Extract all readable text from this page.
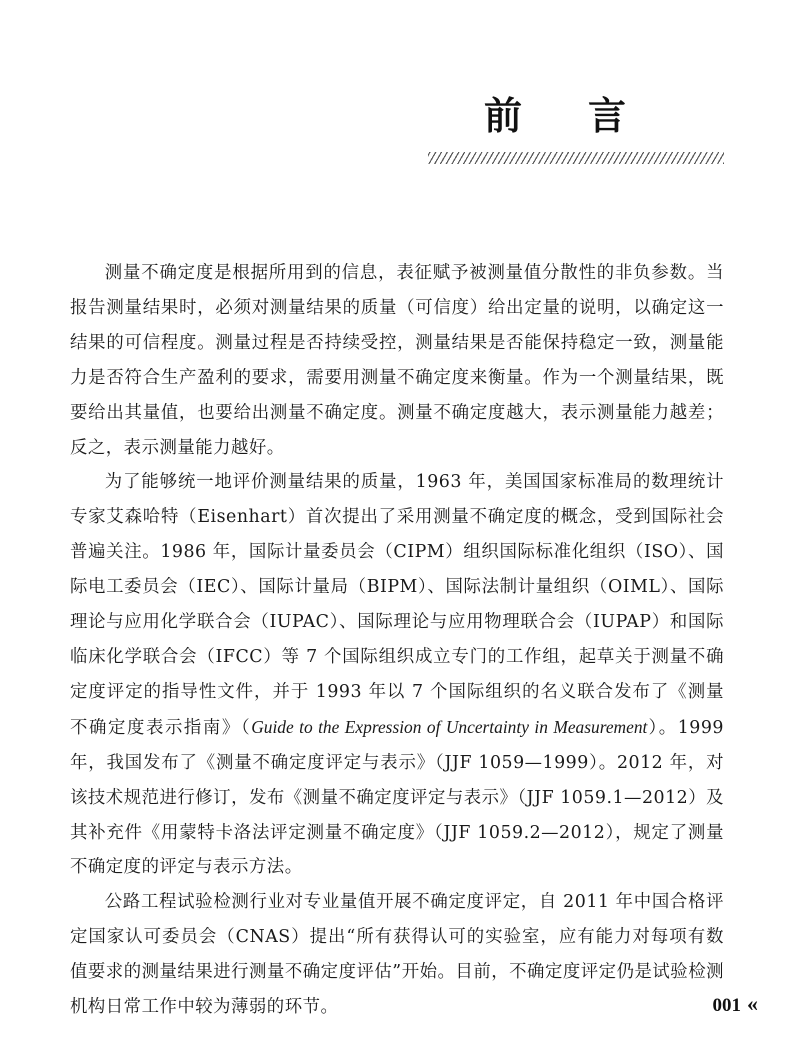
前 言

测量不确定度是根据所用到的信息，表征赋予被测量值分散性的非负参数。当报告测量结果时，必须对测量结果的质量（可信度）给出定量的说明，以确定这一结果的可信程度。测量过程是否持续受控，测量结果是否能保持稳定一致，测量能力是否符合生产盈利的要求，需要用测量不确定度来衡量。作为一个测量结果，既要给出其量值，也要给出测量不确定度。测量不确定度越大，表示测量能力越差；反之，表示测量能力越好。

为了能够统一地评价测量结果的质量，1963 年，美国国家标准局的数理统计专家艾森哈特（Eisenhart）首次提出了采用测量不确定度的概念，受到国际社会普遍关注。1986 年，国际计量委员会（CIPM）组织国际标准化组织（ISO）、国际电工委员会（IEC）、国际计量局（BIPM）、国际法制计量组织（OIML）、国际理论与应用化学联合会（IUPAC）、国际理论与应用物理联合会（IUPAP）和国际临床化学联合会（IFCC）等 7 个国际组织成立专门的工作组，起草关于测量不确定度评定的指导性文件，并于 1993 年以 7 个国际组织的名义联合发布了《测量不确定度表示指南》（Guide to the Expression of Uncertainty in Measurement）。1999 年，我国发布了《测量不确定度评定与表示》（JJF 1059—1999）。2012 年，对该技术规范进行修订，发布《测量不确定度评定与表示》（JJF 1059.1—2012）及其补充件《用蒙特卡洛法评定测量不确定度》（JJF 1059.2—2012），规定了测量不确定度的评定与表示方法。

公路工程试验检测行业对专业量值开展不确定度评定，自 2011 年中国合格评定国家认可委员会（CNAS）提出“所有获得认可的实验室，应有能力对每项有数值要求的测量结果进行测量不确定度评估”开始。目前，不确定度评定仍是试验检测机构日常工作中较为薄弱的环节。	001 «
